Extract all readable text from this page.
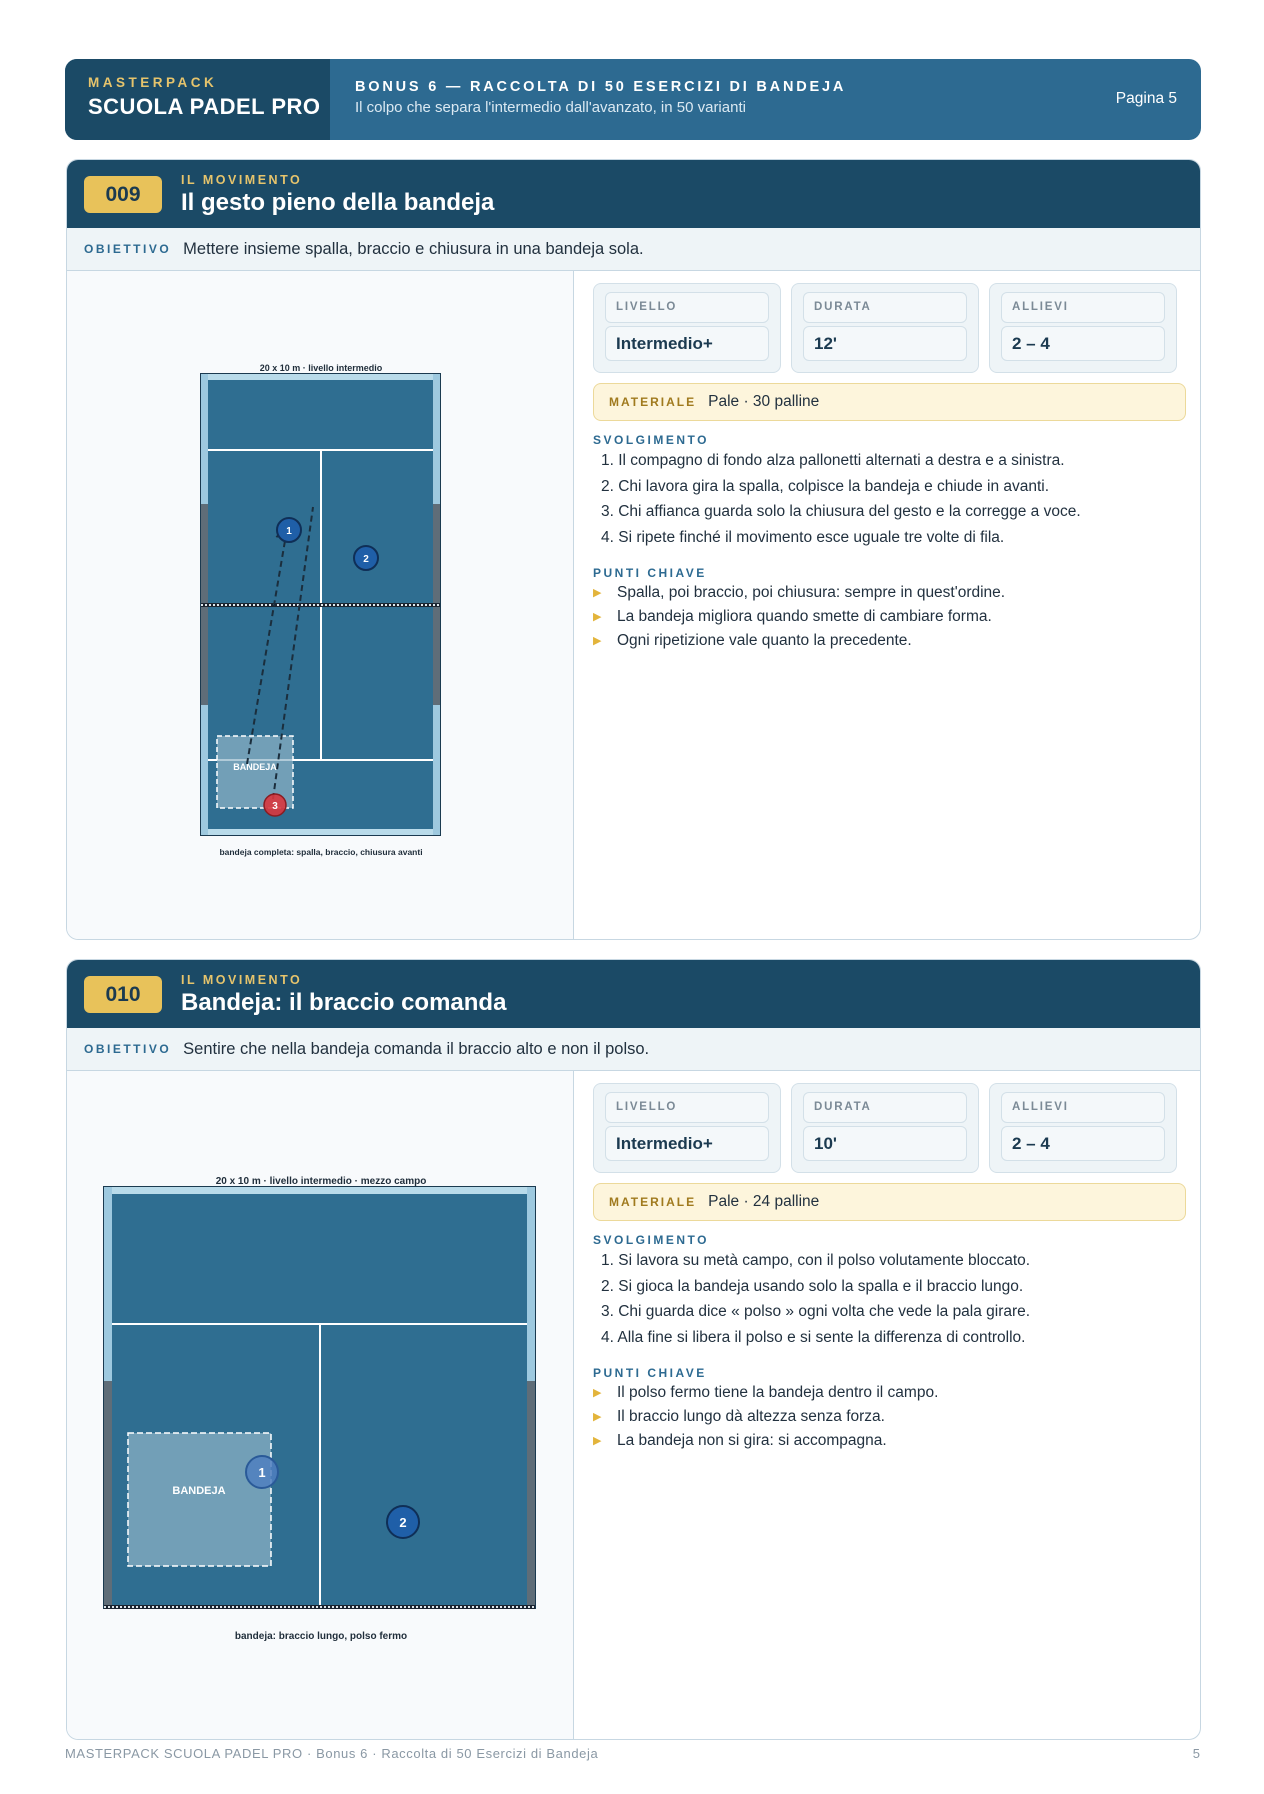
MASTERPACK
SCUOLA PADEL PRO
BONUS 6 — RACCOLTA DI 50 ESERCIZI DI BANDEJA
Il colpo che separa l'intermedio dall'avanzato, in 50 varianti
Pagina 5
009
IL MOVIMENTO
Il gesto pieno della bandeja
OBIETTIVO Mettere insieme spalla, braccio e chiusura in una bandeja sola.
20 x 10 m · livello intermedio
BANDEJA
1
2
3
bandeja completa: spalla, braccio, chiusura avanti
LIVELLO
Intermedio+
DURATA
12'
ALLIEVI
2 – 4
MATERIALE Pale · 30 palline
SVOLGIMENTO
1. Il compagno di fondo alza pallonetti alternati a destra e a sinistra.
2. Chi lavora gira la spalla, colpisce la bandeja e chiude in avanti.
3. Chi affianca guarda solo la chiusura del gesto e la corregge a voce.
4. Si ripete finché il movimento esce uguale tre volte di fila.
PUNTI CHIAVE
▶ Spalla, poi braccio, poi chiusura: sempre in quest'ordine.
▶ La bandeja migliora quando smette di cambiare forma.
▶ Ogni ripetizione vale quanto la precedente.
010
IL MOVIMENTO
Bandeja: il braccio comanda
OBIETTIVO Sentire che nella bandeja comanda il braccio alto e non il polso.
20 x 10 m · livello intermedio · mezzo campo
BANDEJA
1
2
bandeja: braccio lungo, polso fermo
LIVELLO
Intermedio+
DURATA
10'
ALLIEVI
2 – 4
MATERIALE Pale · 24 palline
SVOLGIMENTO
1. Si lavora su metà campo, con il polso volutamente bloccato.
2. Si gioca la bandeja usando solo la spalla e il braccio lungo.
3. Chi guarda dice « polso » ogni volta che vede la pala girare.
4. Alla fine si libera il polso e si sente la differenza di controllo.
PUNTI CHIAVE
▶ Il polso fermo tiene la bandeja dentro il campo.
▶ Il braccio lungo dà altezza senza forza.
▶ La bandeja non si gira: si accompagna.
MASTERPACK SCUOLA PADEL PRO · Bonus 6 · Raccolta di 50 Esercizi di Bandeja	5
